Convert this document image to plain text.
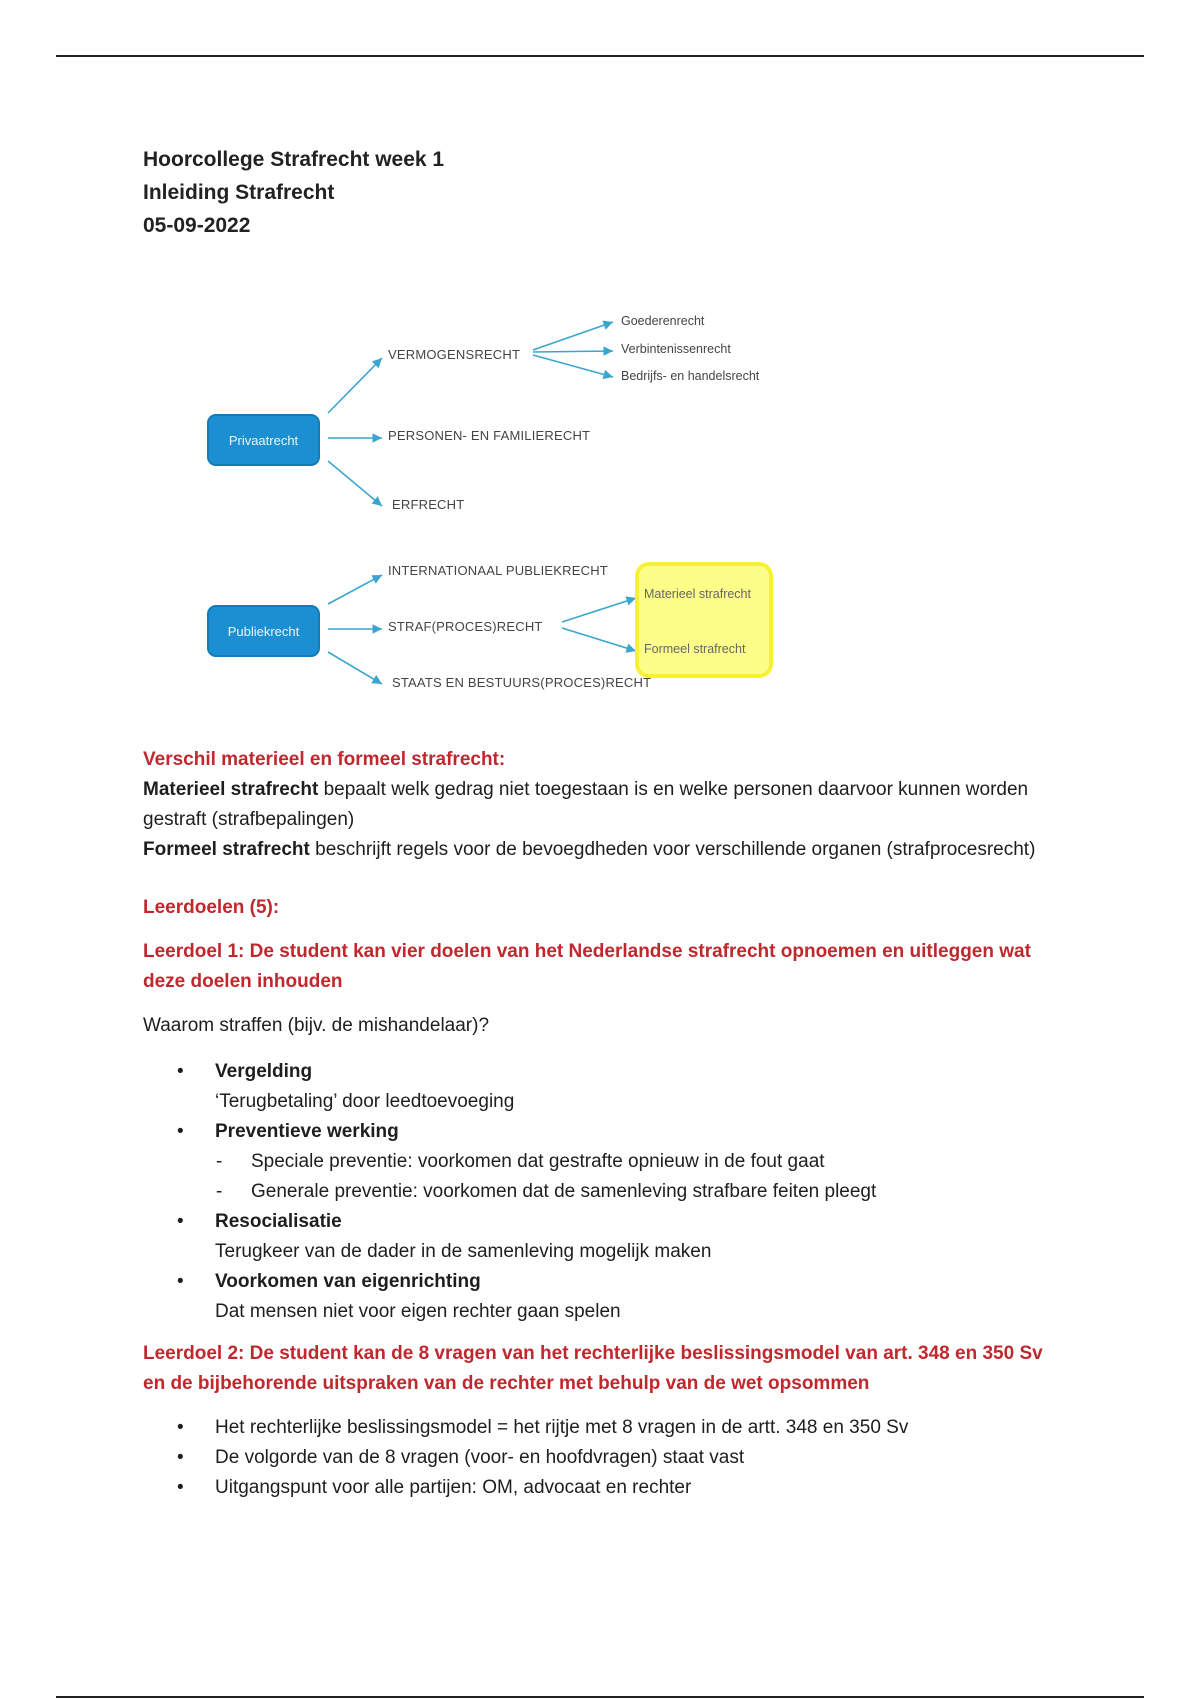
Hoorcollege Strafrecht week 1
Inleiding Strafrecht
05-09-2022
Privaatrecht
VERMOGENSRECHT
PERSONEN- EN FAMILIERECHT
ERFRECHT
Goederenrecht
Verbintenissenrecht
Bedrijfs- en handelsrecht
Materieel strafrecht
Formeel strafrecht
Publiekrecht
INTERNATIONAAL PUBLIEKRECHT
STRAF(PROCES)RECHT
STAATS EN BESTUURS(PROCES)RECHT

Verschil materieel en formeel strafrecht:

Materieel strafrecht bepaalt welk gedrag niet toegestaan is en welke personen daarvoor kunnen worden gestraft (strafbepalingen)

Formeel strafrecht beschrijft regels voor de bevoegdheden voor verschillende organen (strafprocesrecht)

Leerdoelen (5):

Leerdoel 1: De student kan vier doelen van het Nederlandse strafrecht opnoemen en uitleggen wat deze doelen inhouden

Waarom straffen (bijv. de mishandelaar)?

• Vergelding
‘Terugbetaling’ door leedtoevoeging
• Preventieve werking
- Speciale preventie: voorkomen dat gestrafte opnieuw in de fout gaat
- Generale preventie: voorkomen dat de samenleving strafbare feiten pleegt
• Resocialisatie
Terugkeer van de dader in de samenleving mogelijk maken
• Voorkomen van eigenrichting
Dat mensen niet voor eigen rechter gaan spelen

Leerdoel 2: De student kan de 8 vragen van het rechterlijke beslissingsmodel van art. 348 en 350 Sv en de bijbehorende uitspraken van de rechter met behulp van de wet opsommen

• Het rechterlijke beslissingsmodel = het rijtje met 8 vragen in de artt. 348 en 350 Sv
• De volgorde van de 8 vragen (voor- en hoofdvragen) staat vast
• Uitgangspunt voor alle partijen: OM, advocaat en rechter
